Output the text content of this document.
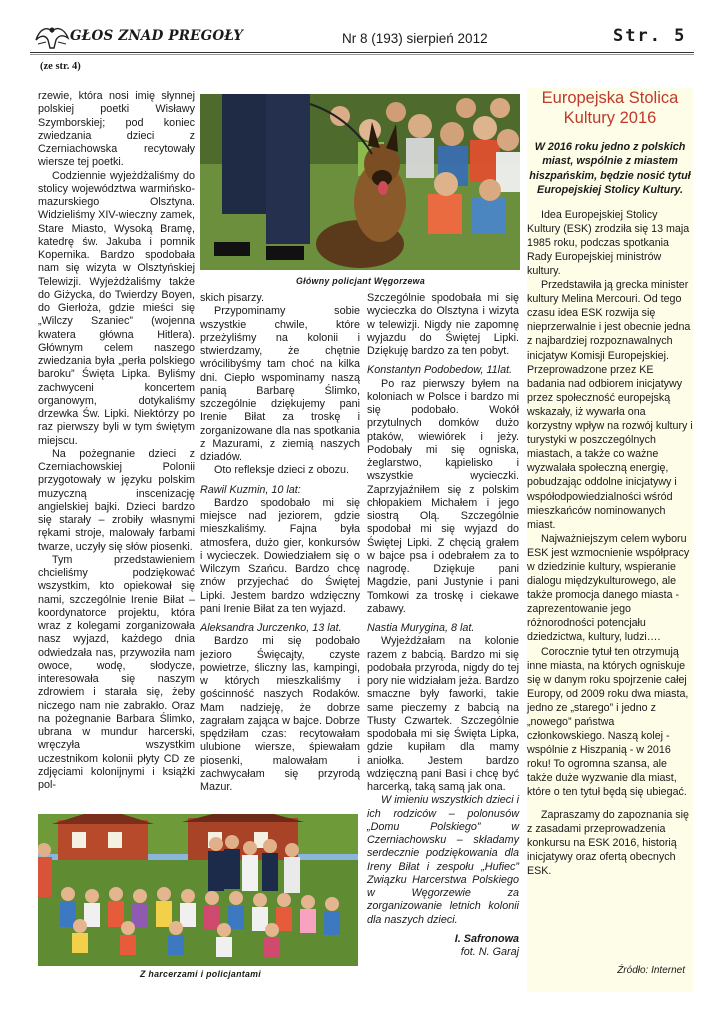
GŁOS ZNAD PREGOŁY	Nr 8 (193) sierpień 2012	Str. 5
(ze str. 4)

rzewie, która nosi imię słynnej polskiej poetki Wisławy Szymborskiej; pod koniec zwiedzania dzieci z Czerniachowska recytowały wiersze tej poetki.

Codziennie wyjeżdżaliśmy do stolicy województwa warmińsko-mazurskiego Olsztyna. Widzieliśmy XIV-wieczny zamek, Stare Miasto, Wysoką Bramę, katedrę św. Jakuba i pomnik Kopernika. Bardzo spodobała nam się wizyta w Olsztyńskiej Telewizji. Wyjeżdżaliśmy także do Giżycka, do Twierdzy Boyen, do Gierłoża, gdzie mieści się „Wilczy Szaniec” (wojenna kwatera główna Hitlera). Głównym celem naszego zwiedzania była „perła polskiego baroku” Święta Lipka. Byliśmy zachwyceni koncertem organowym, dotykaliśmy drzewka Św. Lipki. Niektórzy po raz pierwszy byli w tym świętym miejscu.

Na pożegnanie dzieci z Czerniachowskiej Polonii przygotowały w języku polskim muzyczną inscenizację angielskiej bajki. Dzieci bardzo się starały – zrobiły własnymi rękami stroje, malowały farbami twarze, uczyły się słów piosenki.

Tym przedstawieniem chcieliśmy podziękować wszystkim, kto opiekował się nami, szczególnie Irenie Biłat – koordynatorce projektu, która wraz z kolegami zorganizowała nasz wyjazd, każdego dnia odwiedzała nas, przywoziła nam owoce, wodę, słodycze, interesowała się naszym zdrowiem i starała się, żeby niczego nam nie zabrakło. Oraz na pożegnanie Barbara Ślimko, ubrana w mundur harcerski, wręczyła wszystkim uczestnikom kolonii płyty CD ze zdjęciami kolonijnymi i książki pol-

Główny policjant Węgorzewa

skich pisarzy.

Przypominamy sobie wszystkie chwile, które przeżyliśmy na kolonii i stwierdzamy, że chętnie wrócilibyśmy tam choć na kilka dni. Ciepło wspominamy naszą panią Barbarę Ślimko, szczególnie dziękujemy pani Irenie Biłat za troskę i zorganizowane dla nas spotkania z Mazurami, z ziemią naszych dziadów.

Oto refleksje dzieci z obozu.

Rawil Kuzmin, 10 lat:

Bardzo spodobało mi się miejsce nad jeziorem, gdzie mieszkaliśmy. Fajna była atmosfera, dużo gier, konkursów i wycieczek. Dowiedziałem się o Wilczym Szańcu. Bardzo chcę znów przyjechać do Świętej Lipki. Jestem bardzo wdzięczny pani Irenie Biłat za ten wyjazd.

Aleksandra Jurczenko, 13 lat.

Bardzo mi się podobało jezioro Święcajty, czyste powietrze, śliczny las, kampingi, w których mieszkaliśmy i gościnność naszych Rodaków. Mam nadzieję, że dobrze zagrałam zająca w bajce. Dobrze spędziłam czas: recytowałam ulubione wiersze, śpiewałam piosenki, malowałam i zachwycałam się przyrodą Mazur.

Szczególnie spodobała mi się wycieczka do Olsztyna i wizyta w telewizji. Nigdy nie zapomnę wyjazdu do Świętej Lipki. Dziękuję bardzo za ten pobyt.

Konstantyn Podobedow, 11lat.

Po raz pierwszy byłem na koloniach w Polsce i bardzo mi się podobało. Wokół przytulnych domków dużo ptaków, wiewiórek i jeży. Podobały mi się ogniska, żeglarstwo, kąpielisko i wszystkie wycieczki. Zaprzyjaźniłem się z polskim chłopakiem Michałem i jego siostrą Olą. Szczególnie spodobał mi się wyjazd do Świętej Lipki. Z chęcią grałem w bajce psa i odebrałem za to nagrodę. Dziękuje pani Magdzie, pani Justynie i pani Tomkowi za troskę i ciekawe zabawy.

Nastia Murygina, 8 lat.

Wyjeżdżałam na kolonie razem z babcią. Bardzo mi się podobała przyroda, nigdy do tej pory nie widziałam jeża. Bardzo smaczne były faworki, takie same pieczemy z babcią na Tłusty Czwartek. Szczególnie spodobała mi się Święta Lipka, gdzie kupiłam dla mamy aniołka. Jestem bardzo wdzięczną pani Basi i chcę być harcerką, taką samą jak ona.

W imieniu wszystkich dzieci i ich rodziców – polonusów „Domu Polskiego” w Czerniachowsku – składamy serdecznie podziękowania dla Ireny Biłat i zespołu „Hufiec” Związku Harcerstwa Polskiego w Węgorzewie za zorganizowanie letnich kolonii dla naszych dzieci.

I. Safronowa
fot. N. Garaj

Z harcerzami i policjantami
Europejska Stolica Kultury 2016
W 2016 roku jedno z polskich miast, wspólnie z miastem hiszpańskim, będzie nosić tytuł Europejskiej Stolicy Kultury.

Idea Europejskiej Stolicy Kultury (ESK) zrodziła się 13 maja 1985 roku, podczas spotkania Rady Europejskiej ministrów kultury.

Przedstawiła ją grecka minister kultury Melina Mercouri. Od tego czasu idea ESK rozwija się nieprzerwalnie i jest obecnie jedna z najbardziej rozpoznawalnych inicjatyw Komisji Europejskiej. Przeprowadzone przez KE badania nad odbiorem inicjatywy przez społeczność europejską wskazały, iż wywarła ona korzystny wpływ na rozwój kultury i turystyki w poszczególnych miastach, a także co ważne wyzwalała społeczną energię, pobudzając oddolne inicjatywy i współodpowiedzialności wśród mieszkańców nominowanych miast.

Najważniejszym celem wyboru ESK jest wzmocnienie współpracy w dziedzinie kultury, wspieranie dialogu międzykulturowego, ale także promocja danego miasta - zaprezentowanie jego różnorodności potencjału dziedzictwa, kultury, ludzi….

Corocznie tytuł ten otrzymują inne miasta, na których ogniskuje się w danym roku spojrzenie całej Europy, od 2009 roku dwa miasta, jedno ze „starego” i jedno z „nowego” państwa członkowskiego. Naszą kolej - wspólnie z Hiszpanią - w 2016 roku! To ogromna szansa, ale także duże wyzwanie dla miast, które o ten tytuł będą się ubiegać.

Zapraszamy do zapoznania się z zasadami przeprowadzenia konkursu na ESK 2016, historią inicjatywy oraz ofertą obecnych ESK.

Źródło: Internet
